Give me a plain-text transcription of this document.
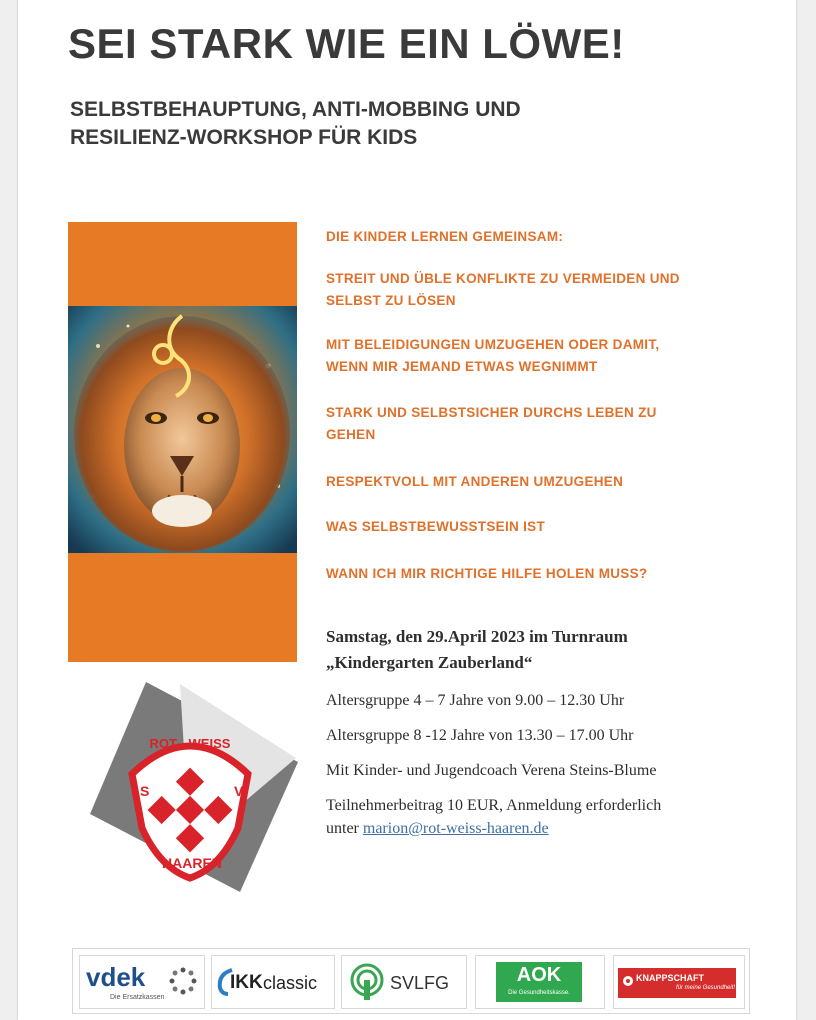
SEI STARK WIE EIN LÖWE!
SELBSTBEHAUPTUNG, ANTI-MOBBING UND
RESILIENZ-WORKSHOP FÜR KIDS
DIE KINDER LERNEN GEMEINSAM:
STREIT UND ÜBLE KONFLIKTE ZU VERMEIDEN UND
SELBST ZU LÖSEN
MIT BELEIDIGUNGEN UMZUGEHEN ODER DAMIT,
WENN MIR JEMAND ETWAS WEGNIMMT
STARK UND SELBSTSICHER DURCHS LEBEN ZU
GEHEN
RESPEKTVOLL MIT ANDEREN UMZUGEHEN
WAS SELBSTBEWUSSTSEIN IST
WANN ICH MIR RICHTIGE HILFE HOLEN MUSS?

Samstag, den 29.April 2023 im Turnraum

„Kindergarten Zauberland“

Altersgruppe 4 – 7 Jahre von 9.00 – 12.30 Uhr

Altersgruppe 8 -12 Jahre von 13.30 – 17.00 Uhr

Mit Kinder- und Jugendcoach Verena Steins-Blume

Teilnehmerbeitrag 10 EUR, Anmeldung erforderlich

unter marion@rot-weiss-haaren.de

ROT - WEISS
HAAREN
S	V
vdek
Die Ersatzkassen
IKK classic	SVLFG	AOK
Die Gesundheitskasse.
KNAPPSCHAFT
für meine Gesundheit!
